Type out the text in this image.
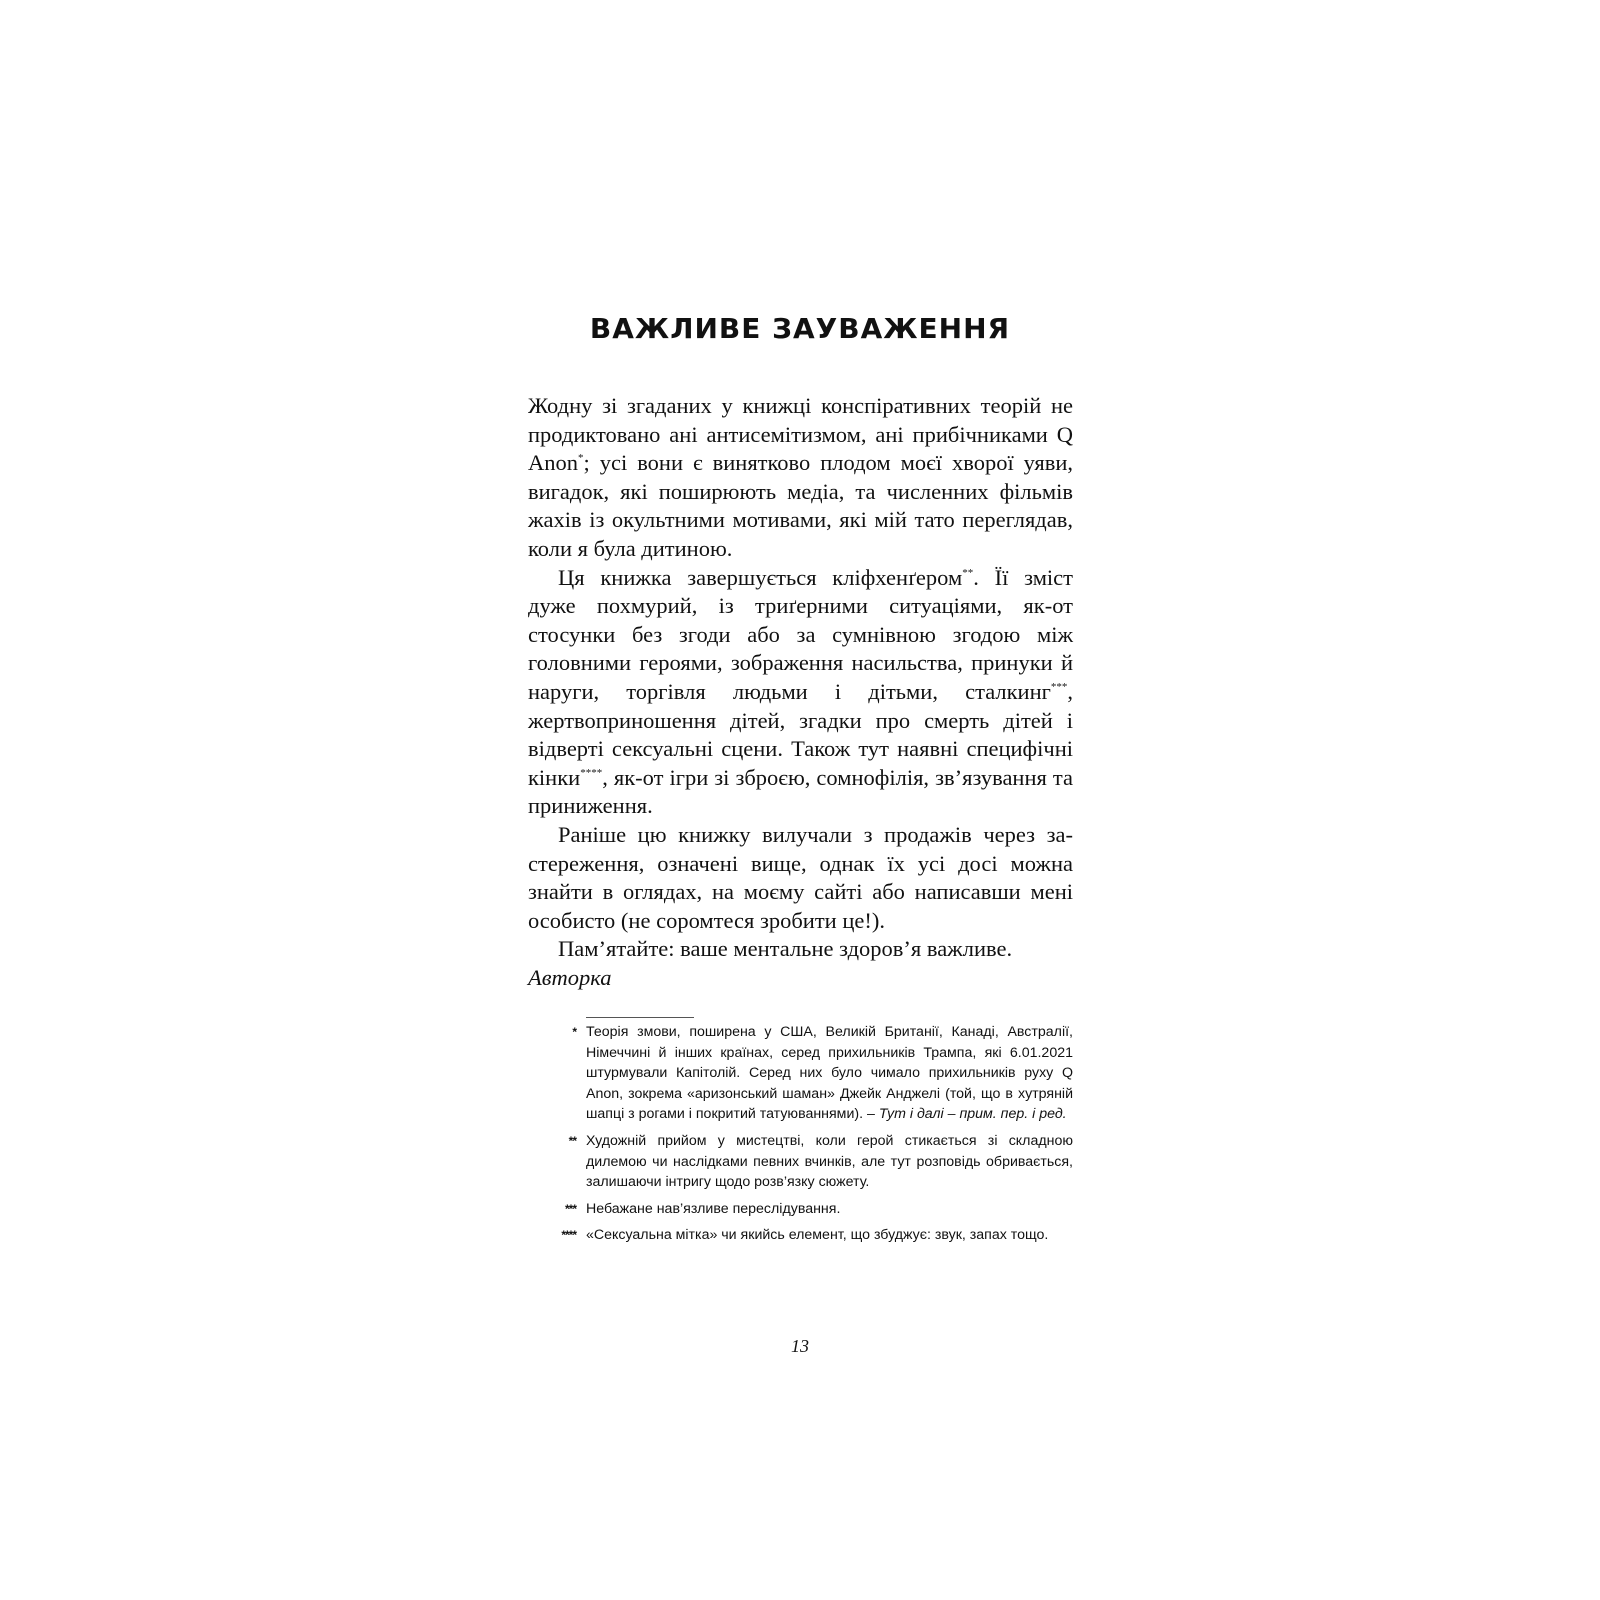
ВАЖЛИВЕ ЗАУВАЖЕННЯ

Жодну зі згаданих у книжці конспіративних теорій не продиктовано ані антисемітизмом, ані прибічниками Q Anon*; усі вони є винятково плодом моєї хворої уяви, вигадок, які поширюють медіа, та численних фільмів жахів із окультними мотивами, які мій тато переглядав, коли я була дитиною.

Ця книжка завершується кліфхенґером**. Її зміст дуже похмурий, із триґерними ситуаціями, як-от стосунки без згоди або за сумнівною згодою між головними героями, зображення насильства, принуки й наруги, торгівля людьми і дітьми, сталкинг***, жертвоприношення дітей, згадки про смерть дітей і відверті сексуальні сцени. Також тут наявні специфічні кінки****, як-от ігри зі зброєю, сомнофілія, зв’язування та приниження.

Раніше цю книжку вилучали з продажів через застереження, означені вище, однак їх усі досі можна знайти в оглядах, на моєму сайті або написавши мені особисто (не соромтеся зробити це!).

Пам’ятайте: ваше ментальне здоров’я важливе.

Авторка

* Теорія змови, поширена у США, Великій Британії, Канаді, Австралії, Німеччині й інших країнах, серед прихильників Трампа, які 6.01.2021 штурмували Капітолій. Серед них було чимало прихильників руху Q Anon, зокрема «аризонський шаман» Джейк Анджелі (той, що в хутряній шапці з рогами і покритий татуюваннями). – Тут і далі – прим. пер. і ред.
** Художній прийом у мистецтві, коли герой стикається зі складною дилемою чи наслідками певних вчинків, але тут розповідь обривається, залишаючи інтригу щодо розв’язку сюжету.
*** Небажане нав’язливе переслідування.
**** «Сексуальна мітка» чи якийсь елемент, що збуджує: звук, запах тощо.
13
